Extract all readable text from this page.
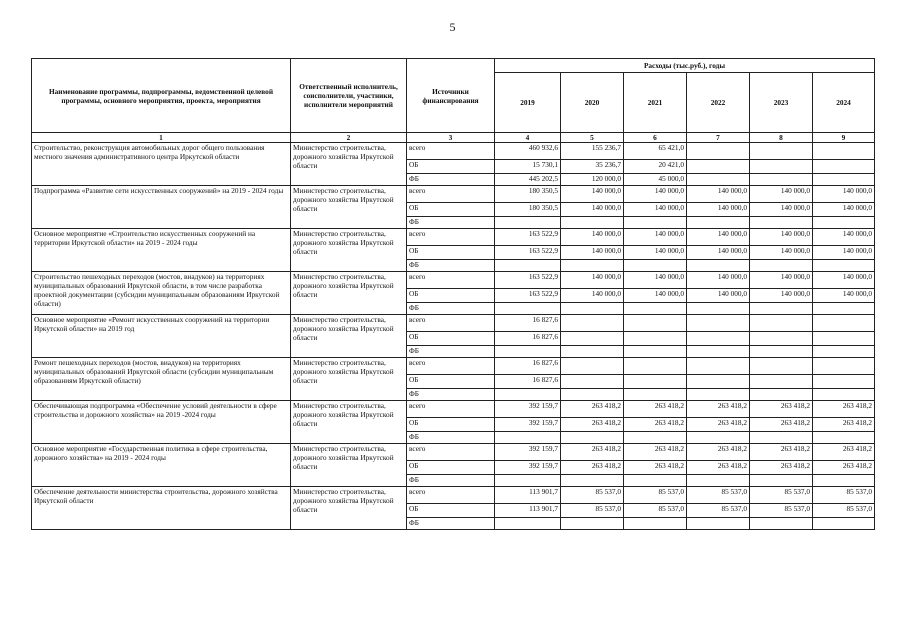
5
Наименование программы, подпрограммы, ведомственной целевой программы, основного мероприятия, проекта, мероприятия	Ответственный исполнитель, соисполнители, участники, исполнители мероприятий	Источники финансирования	Расходы (тыс.руб.), годы					
			2019	2020	2021	2022	2023	2024
1	2	3	4	5	6	7	8	9
Строительство, реконструкция автомобильных дорог общего пользования местного значения административного центра Иркутской области	Министерство строительства, дорожного хозяйства Иркутской области	всего	460 932,6	155 236,7	65 421,0			
		ОБ	15 730,1	35 236,7	20 421,0			
		ФБ	445 202,5	120 000,0	45 000,0			
Подпрограмма «Развитие сети искусственных сооружений» на 2019 - 2024 годы	Министерство строительства, дорожного хозяйства Иркутской области	всего	180 350,5	140 000,0	140 000,0	140 000,0	140 000,0	140 000,0
		ОБ	180 350,5	140 000,0	140 000,0	140 000,0	140 000,0	140 000,0
		ФБ						
Основное мероприятие «Строительство искусственных сооружений на территории Иркутской области» на 2019 - 2024 годы	Министерство строительства, дорожного хозяйства Иркутской области	всего	163 522,9	140 000,0	140 000,0	140 000,0	140 000,0	140 000,0
		ОБ	163 522,9	140 000,0	140 000,0	140 000,0	140 000,0	140 000,0
		ФБ						
Строительство пешеходных переходов (мостов, виадуков) на территориях муниципальных образований Иркутской области, в том числе разработка проектной документации (субсидии муниципальным образованиям Иркутской области)	Министерство строительства, дорожного хозяйства Иркутской области	всего	163 522,9	140 000,0	140 000,0	140 000,0	140 000,0	140 000,0
		ОБ	163 522,9	140 000,0	140 000,0	140 000,0	140 000,0	140 000,0
		ФБ						
Основное мероприятие «Ремонт искусственных сооружений на территории Иркутской области» на 2019 год	Министерство строительства, дорожного хозяйства Иркутской области	всего	16 827,6					
		ОБ	16 827,6					
		ФБ						
Ремонт пешеходных переходов (мостов, виадуков) на территориях муниципальных образований Иркутской области (субсидии муниципальным образованиям Иркутской области)	Министерство строительства, дорожного хозяйства Иркутской области	всего	16 827,6					
		ОБ	16 827,6					
		ФБ						
Обеспечивающая подпрограмма «Обеспечение условий деятельности в сфере строительства и дорожного хозяйства» на 2019 -2024 годы	Министерство строительства, дорожного хозяйства Иркутской области	всего	392 159,7	263 418,2	263 418,2	263 418,2	263 418,2	263 418,2
		ОБ	392 159,7	263 418,2	263 418,2	263 418,2	263 418,2	263 418,2
		ФБ						
Основное мероприятие «Государственная политика в сфере строительства, дорожного хозяйства» на 2019 - 2024 годы	Министерство строительства, дорожного хозяйства Иркутской области	всего	392 159,7	263 418,2	263 418,2	263 418,2	263 418,2	263 418,2
		ОБ	392 159,7	263 418,2	263 418,2	263 418,2	263 418,2	263 418,2
		ФБ						
Обеспечение деятельности министерства строительства, дорожного хозяйства Иркутской области	Министерство строительства, дорожного хозяйства Иркутской области	всего	113 901,7	85 537,0	85 537,0	85 537,0	85 537,0	85 537,0
		ОБ	113 901,7	85 537,0	85 537,0	85 537,0	85 537,0	85 537,0
		ФБ						
